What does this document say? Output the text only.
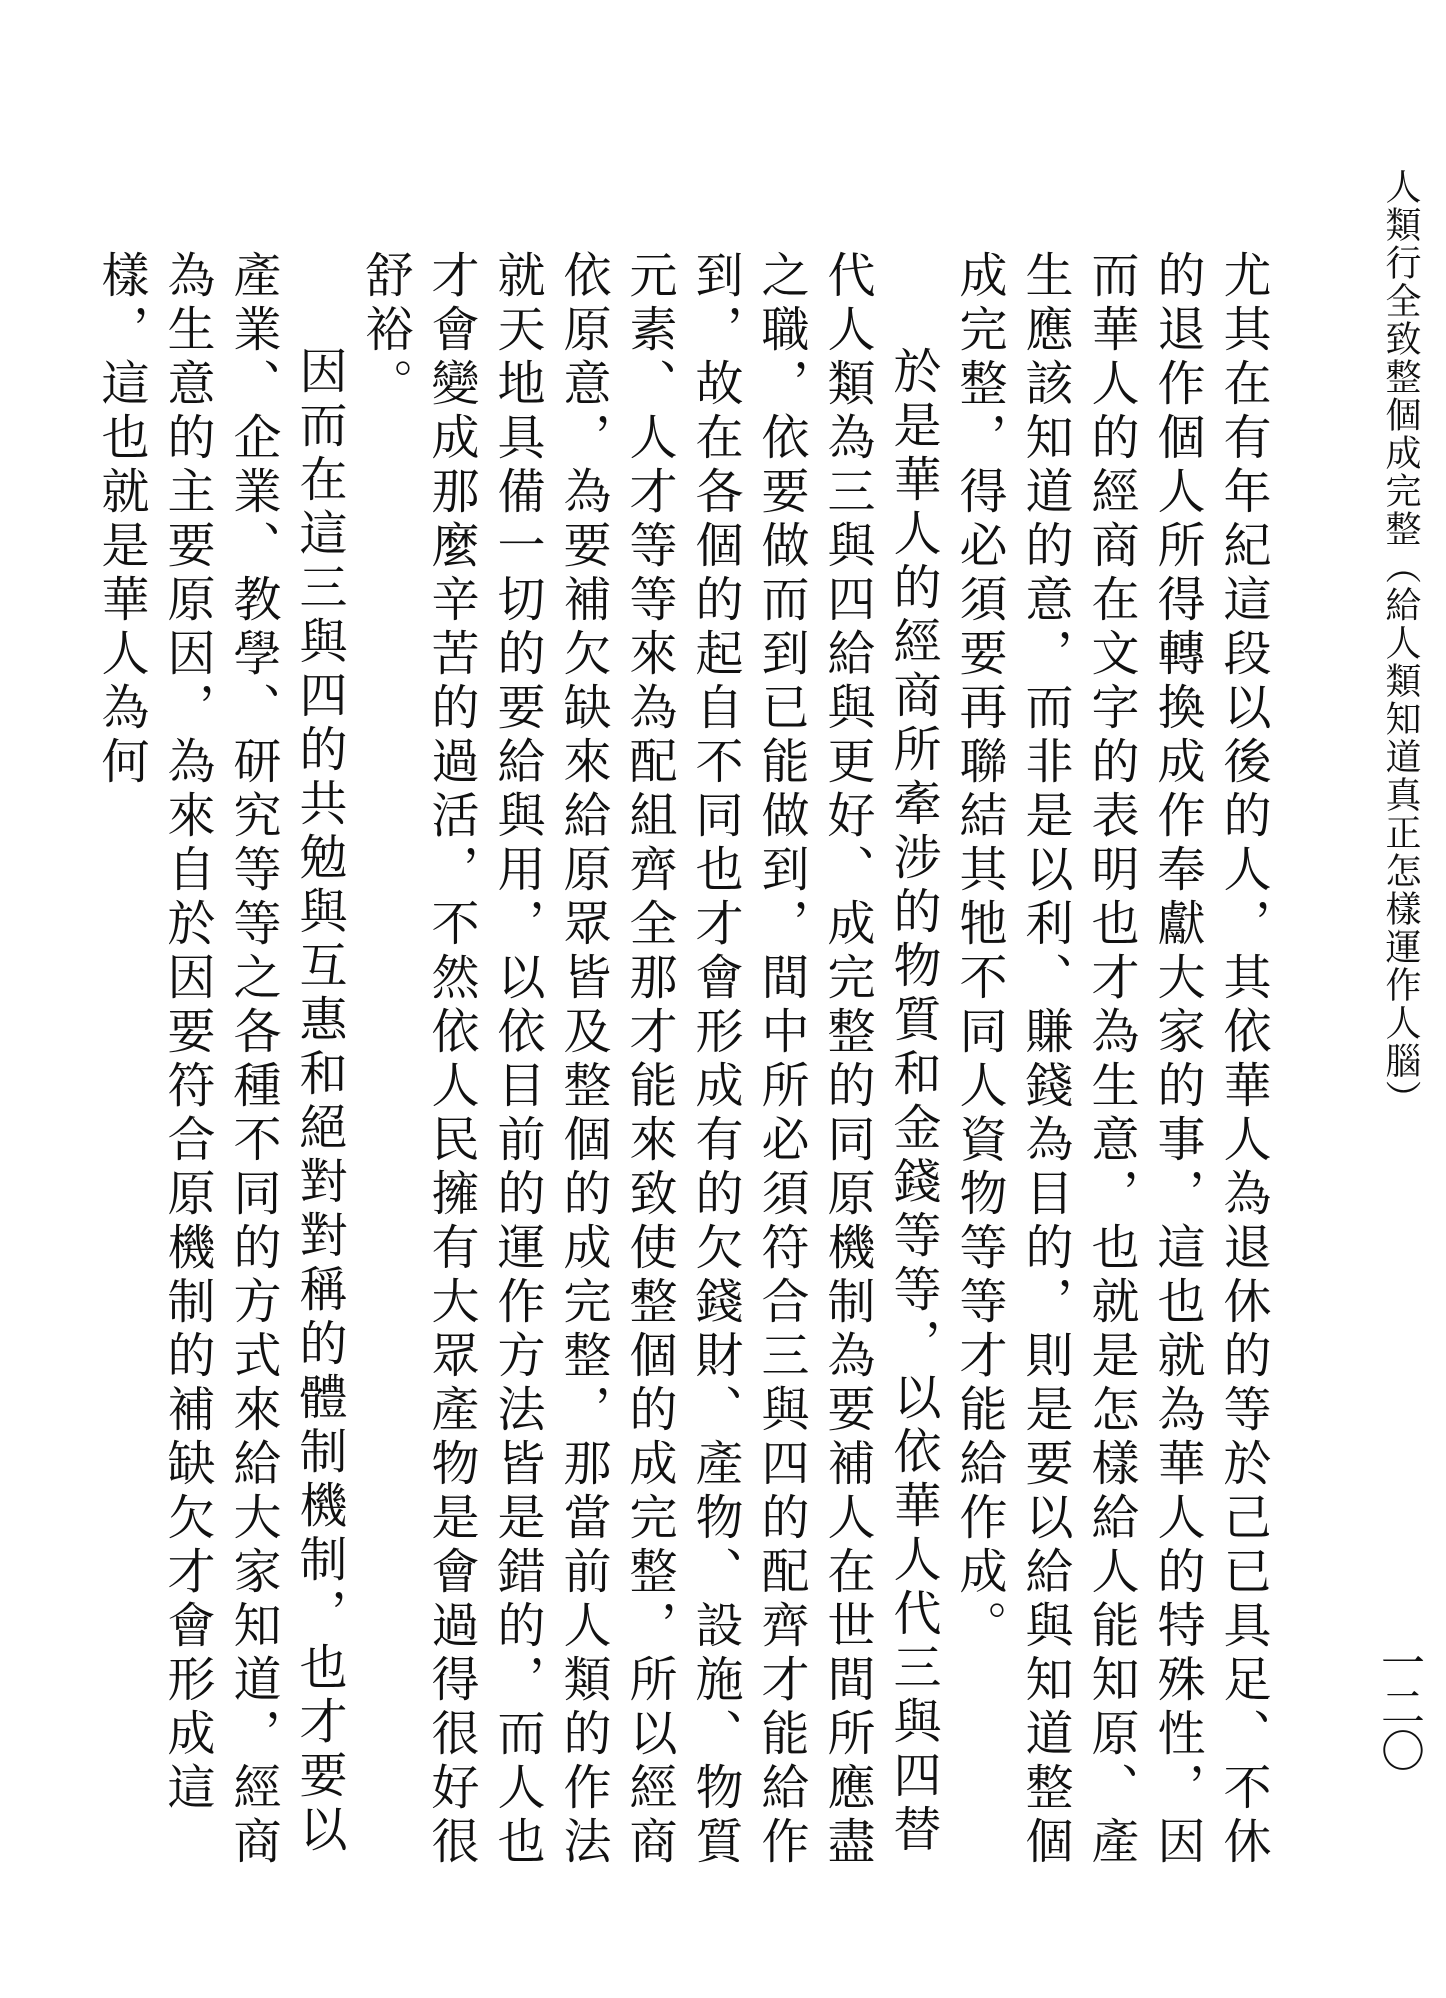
人類行全致整個成完整（給人類知道真正怎樣運作人腦）

尤其在有年紀這段以後的人，其依華人為退休的等於己已具足、不休的退作個人所得轉換成作奉獻大家的事，這也就為華人的特殊性，因而華人的經商在文字的表明也才為生意，也就是怎樣給人能知原、產生應該知道的意，而非是以利、賺錢為目的，則是要以給與知道整個成完整，得必須要再聯結其牠不同人資物等等才能給作成。

於是華人的經商所牽涉的物質和金錢等等，以依華人代三與四替代人類為三與四給與更好、成完整的同原機制為要補人在世間所應盡之職，依要做而到已能做到，間中所必須符合三與四的配齊才能給作到，故在各個的起自不同也才會形成有的欠錢財、產物、設施、物質元素、人才等等來為配組齊全那才能來致使整個的成完整，所以經商依原意，為要補欠缺來給原眾皆及整個的成完整，那當前人類的作法就天地具備一切的要給與用，以依目前的運作方法皆是錯的，而人也才會變成那麼辛苦的過活，不然依人民擁有大眾產物是會過得很好很舒裕。

因而在這三與四的共勉與互惠和絕對對稱的體制機制，也才要以產業、企業、教學、研究等等之各種不同的方式來給大家知道，經商為生意的主要原因，為來自於因要符合原機制的補缺欠才會形成這樣，這也就是華人為何

一二〇
